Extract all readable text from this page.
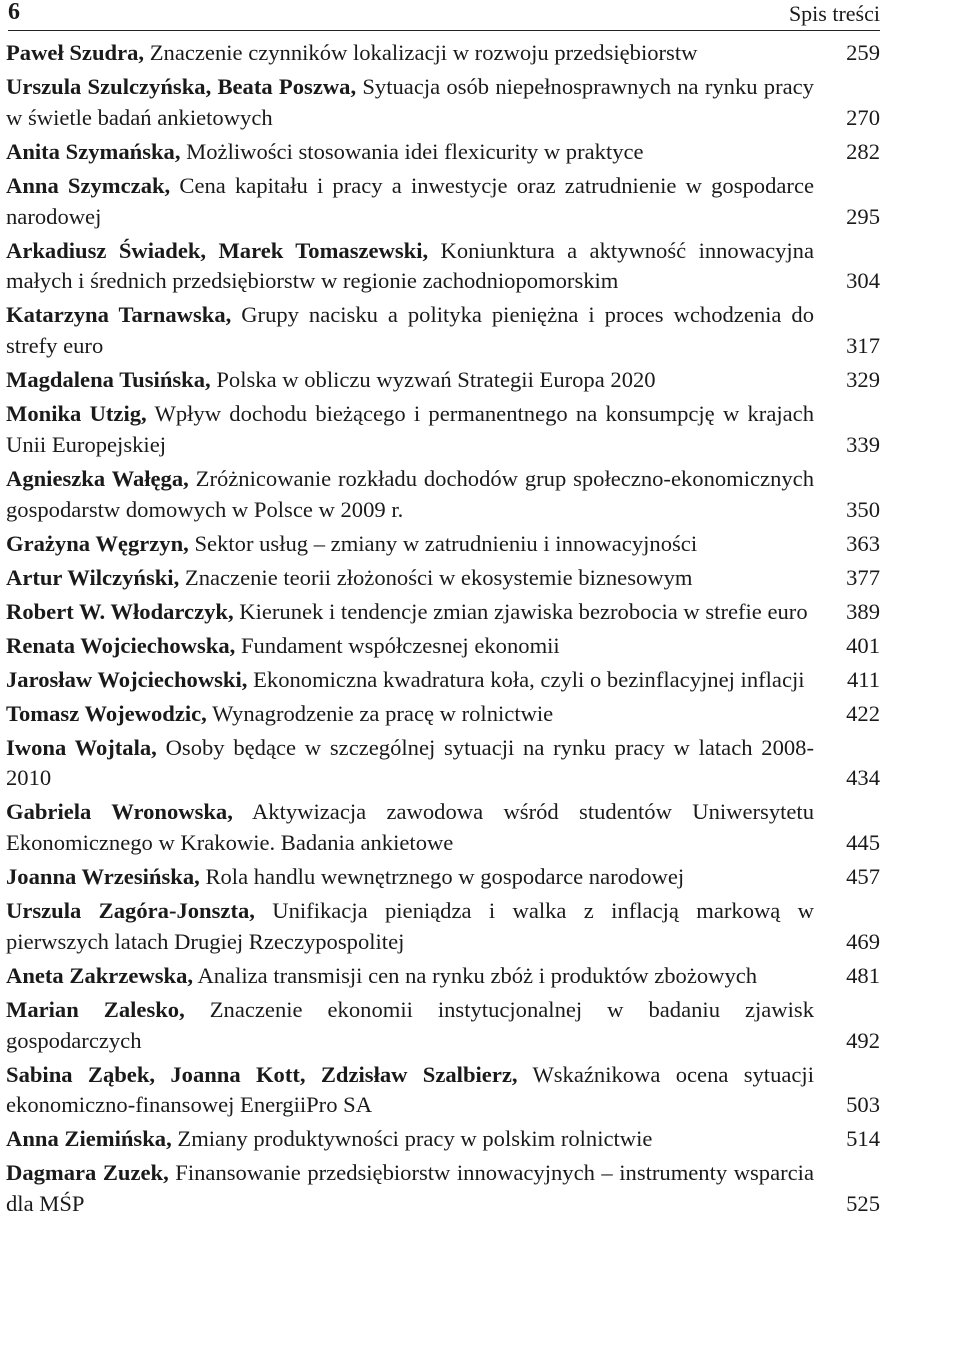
6	Spis treści
Paweł Szudra, Znaczenie czynników lokalizacji w rozwoju przedsiębiorstw	259
Urszula Szulczyńska, Beata Poszwa, Sytuacja osób niepełnosprawnych na rynku pracy w świetle badań ankietowych	270
Anita Szymańska, Możliwości stosowania idei flexicurity w praktyce	282
Anna Szymczak, Cena kapitału i pracy a inwestycje oraz zatrudnienie w gospodarce narodowej	295
Arkadiusz Świadek, Marek Tomaszewski, Koniunktura a aktywność innowacyjna małych i średnich przedsiębiorstw w regionie zachodniopomorskim	304
Katarzyna Tarnawska, Grupy nacisku a polityka pieniężna i proces wchodzenia do strefy euro	317
Magdalena Tusińska, Polska w obliczu wyzwań Strategii Europa 2020	329
Monika Utzig, Wpływ dochodu bieżącego i permanentnego na konsumpcję w krajach Unii Europejskiej	339
Agnieszka Wałęga, Zróżnicowanie rozkładu dochodów grup społeczno-ekonomicznych gospodarstw domowych w Polsce w 2009 r.	350
Grażyna Węgrzyn, Sektor usług – zmiany w zatrudnieniu i innowacyjności	363
Artur Wilczyński, Znaczenie teorii złożoności w ekosystemie biznesowym	377
Robert W. Włodarczyk, Kierunek i tendencje zmian zjawiska bezrobocia w strefie euro 389
Renata Wojciechowska, Fundament współczesnej ekonomii	401
Jarosław Wojciechowski, Ekonomiczna kwadratura koła, czyli o bezinflacyjnej inflacji	411
Tomasz Wojewodzic, Wynagrodzenie za pracę w rolnictwie	422
Iwona Wojtala, Osoby będące w szczególnej sytuacji na rynku pracy w latach 2008-2010	434
Gabriela Wronowska, Aktywizacja zawodowa wśród studentów Uniwersytetu Ekonomicznego w Krakowie. Badania ankietowe	445
Joanna Wrzesińska, Rola handlu wewnętrznego w gospodarce narodowej	457
Urszula Zagóra-Jonszta, Unifikacja pieniądza i walka z inflacją markową w pierwszych latach Drugiej Rzeczypospolitej	469
Aneta Zakrzewska, Analiza transmisji cen na rynku zbóż i produktów zbożowych	481
Marian Zalesko, Znaczenie ekonomii instytucjonalnej w badaniu zjawisk gospodarczych	492
Sabina Ząbek, Joanna Kott, Zdzisław Szalbierz, Wskaźnikowa ocena sytuacji ekonomiczno-finansowej EnergiiPro SA	503
Anna Ziemińska, Zmiany produktywności pracy w polskim rolnictwie	514
Dagmara Zuzek, Finansowanie przedsiębiorstw innowacyjnych – instrumenty wsparcia dla MŚP	525
